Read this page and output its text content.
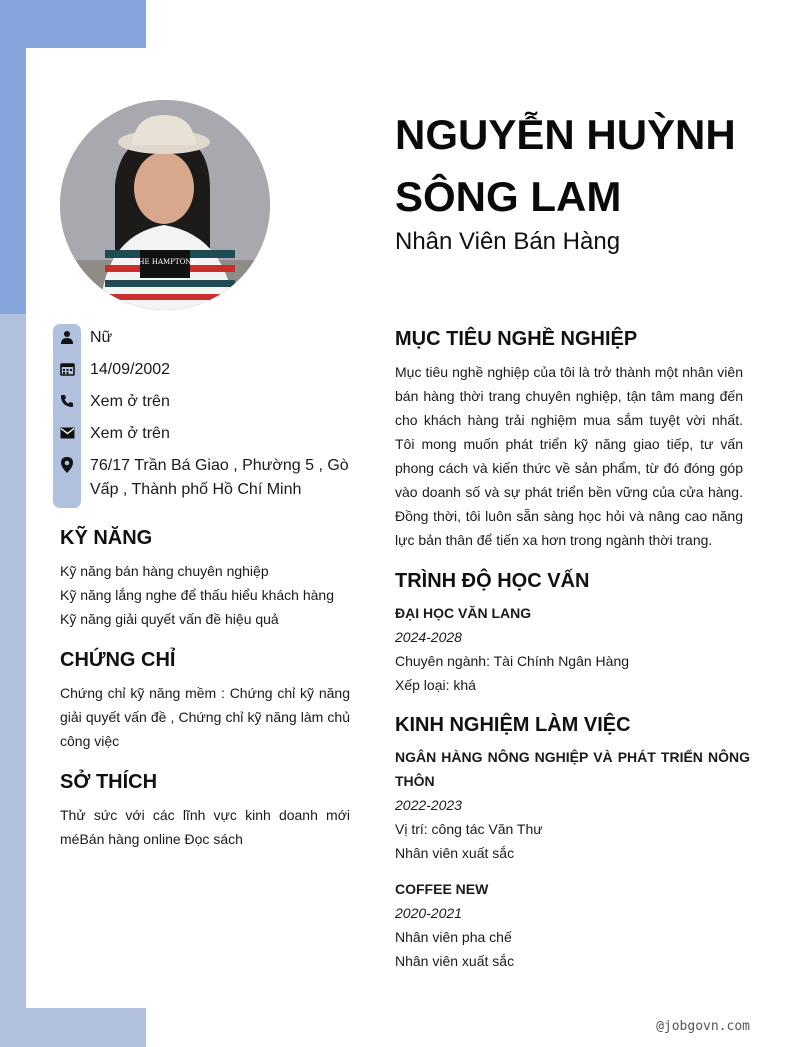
THE HAMPTONS
Nữ
14/09/2002
Xem ở trên
Xem ở trên
76/17 Trần Bá Giao , Phường 5 , Gò Vấp , Thành phố Hồ Chí Minh
KỸ NĂNG
Kỹ năng bán hàng chuyên nghiệp
Kỹ năng lắng nghe để thấu hiểu khách hàng
Kỹ năng giải quyết vấn đề hiệu quả
CHỨNG CHỈ

Chứng chỉ kỹ năng mềm : Chứng chỉ kỹ năng giải quyết vấn đề , Chứng chỉ kỹ năng làm chủ công việc

SỞ THÍCH

Thử sức với các lĩnh vực kinh doanh mới méBán hàng online Đọc sách

NGUYỄN HUỲNH SÔNG LAM

Nhân Viên Bán Hàng

MỤC TIÊU NGHỀ NGHIỆP

Mục tiêu nghề nghiệp của tôi là trở thành một nhân viên bán hàng thời trang chuyên nghiệp, tận tâm mang đến cho khách hàng trải nghiệm mua sắm tuyệt vời nhất. Tôi mong muốn phát triển kỹ năng giao tiếp, tư vấn phong cách và kiến thức về sản phẩm, từ đó đóng góp vào doanh số và sự phát triển bền vững của cửa hàng. Đồng thời, tôi luôn sẵn sàng học hỏi và nâng cao năng lực bản thân để tiến xa hơn trong ngành thời trang.

TRÌNH ĐỘ HỌC VẤN
ĐẠI HỌC VĂN LANG
2024-2028
Chuyên ngành: Tài Chính Ngân Hàng
Xếp loại: khá
KINH NGHIỆM LÀM VIỆC
NGÂN HÀNG NÔNG NGHIỆP VÀ PHÁT TRIỂN NÔNG THÔN
2022-2023
Vị trí: công tác Văn Thư
Nhân viên xuất sắc
COFFEE NEW
2020-2021
Nhân viên pha chế
Nhân viên xuất sắc
@jobgovn.com
